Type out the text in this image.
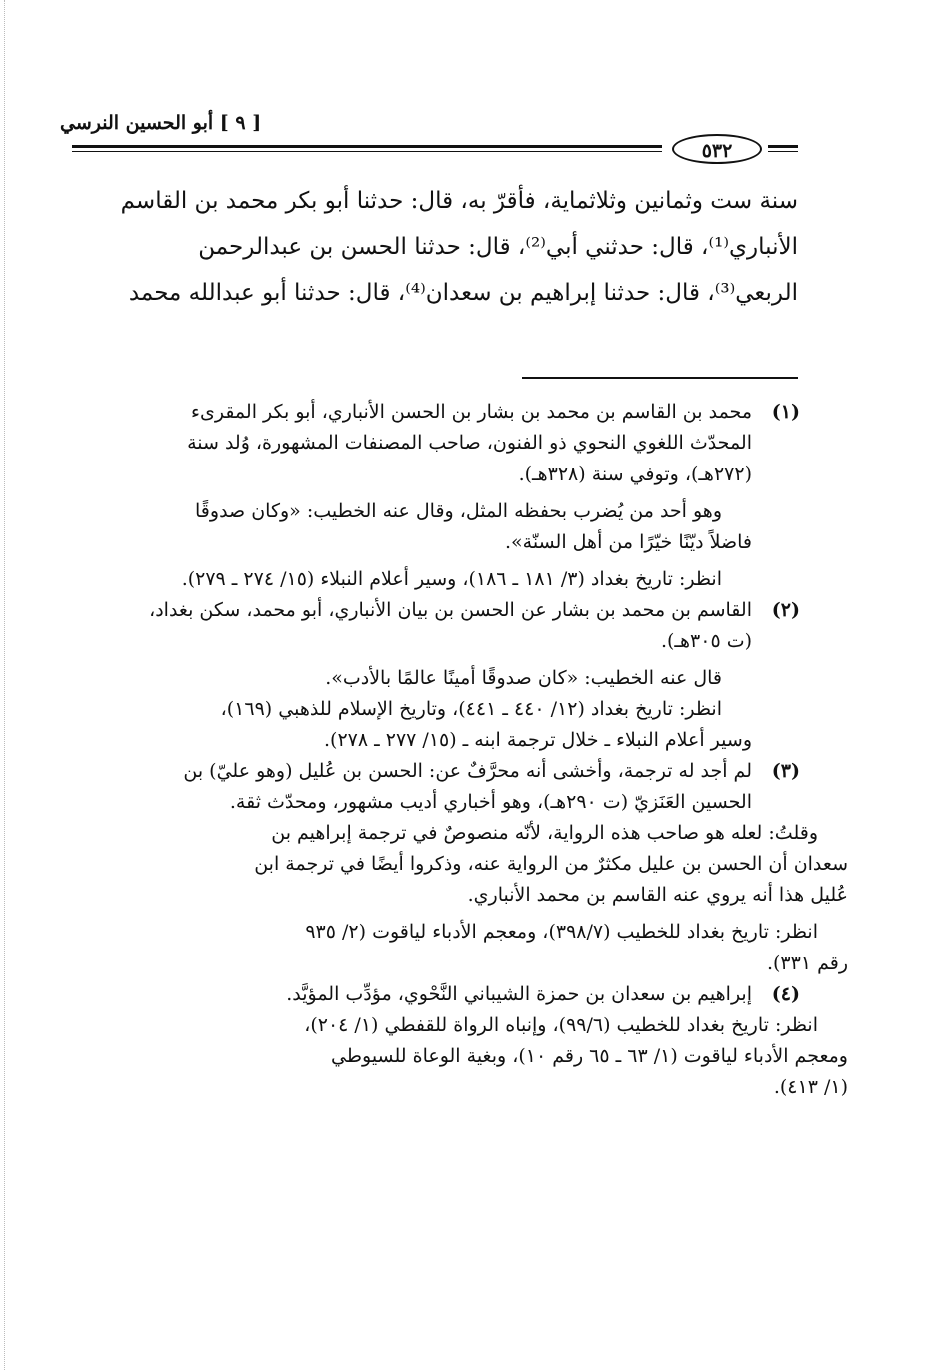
[ ٩ ] أبو الحسين النرسي
٥٣٢

سنة ست وثمانين وثلاثماية، فأقرّ به، قال: حدثنا أبو بكر محمد بن القاسم

الأنباري⁽¹⁾، قال: حدثني أبي⁽²⁾، قال: حدثنا الحسن بن عبدالرحمن

الربعي⁽³⁾، قال: حدثنا إبراهيم بن سعدان⁽⁴⁾، قال: حدثنا أبو عبدالله محمد

(١)

محمد بن القاسم بن محمد بن بشار بن الحسن الأنباري، أبو بكر المقرىء

المحدّث اللغوي النحوي ذو الفنون، صاحب المصنفات المشهورة، وُلد سنة

(٢٧٢هـ)، وتوفي سنة (٣٢٨هـ).

وهو أحد من يُضرب بحفظه المثل، وقال عنه الخطيب: «وكان صدوقًا

فاضلاً ديّنًا خيّرًا من أهل السنّة».

انظر: تاريخ بغداد (٣/ ١٨١ ـ ١٨٦)، وسير أعلام النبلاء (١٥/ ٢٧٤ ـ ٢٧٩).

(٢)

القاسم بن محمد بن بشار عن الحسن بن بيان الأنباري، أبو محمد، سكن بغداد،

(ت ٣٠٥هـ).

قال عنه الخطيب: «كان صدوقًا أمينًا عالمًا بالأدب».

انظر: تاريخ بغداد (١٢/ ٤٤٠ ـ ٤٤١)، وتاريخ الإسلام للذهبي (١٦٩)،

وسير أعلام النبلاء ـ خلال ترجمة ابنه ـ (١٥/ ٢٧٧ ـ ٢٧٨).

(٣)

لم أجد له ترجمة، وأخشى أنه محرَّفٌ عن: الحسن بن عُليل (وهو عليّ) بن

الحسين العَنَزيّ (ت ٢٩٠هـ)، وهو أخباري أديب مشهور، ومحدّث ثقة.

وقلتُ: لعله هو صاحب هذه الرواية، لأنّه منصوصٌ في ترجمة إبراهيم بن

سعدان أن الحسن بن عليل مكثرٌ من الرواية عنه، وذكروا أيضًا في ترجمة ابن

عُليل هذا أنه يروي عنه القاسم بن محمد الأنباري.

انظر: تاريخ بغداد للخطيب (٣٩٨/٧)، ومعجم الأدباء لياقوت (٢/ ٩٣٥

رقم ٣٣١).

(٤)

إبراهيم بن سعدان بن حمزة الشيباني النَّحْوي، مؤدِّب المؤيَّد.

انظر: تاريخ بغداد للخطيب (٩٩/٦)، وإنباه الرواة للقفطي (١/ ٢٠٤)،

ومعجم الأدباء لياقوت (١/ ٦٣ ـ ٦٥ رقم ١٠)، وبغية الوعاة للسيوطي

(١/ ٤١٣).
